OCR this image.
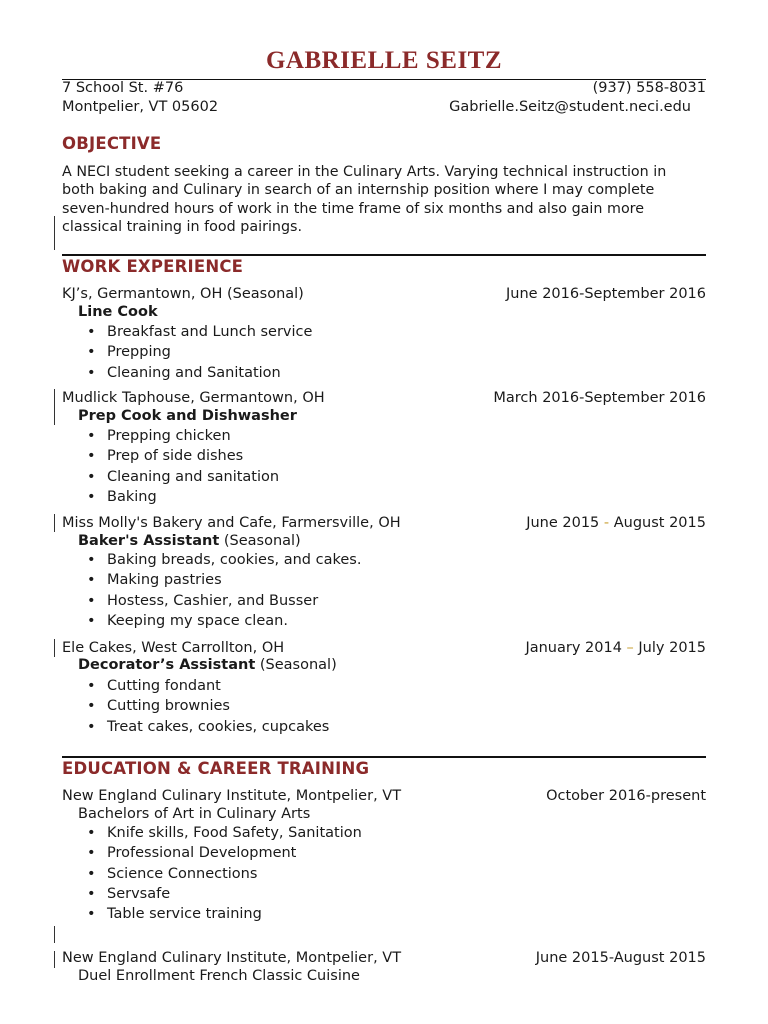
GABRIELLE SEITZ
7 School St. #76
Montpelier, VT 05602
(937) 558-8031
Gabrielle.Seitz@student.neci.edu
OBJECTIVE
A NECI student seeking a career in the Culinary Arts. Varying technical instruction in
both baking and Culinary in search of an internship position where I may complete
seven-hundred hours of work in the time frame of six months and also gain more
classical training in food pairings.
WORK EXPERIENCE
KJ’s, Germantown, OH (Seasonal)	June 2016-September 2016
Line Cook
• Breakfast and Lunch service
• Prepping
• Cleaning and Sanitation
Mudlick Taphouse, Germantown, OH	March 2016-September 2016
Prep Cook and Dishwasher
• Prepping chicken
• Prep of side dishes
• Cleaning and sanitation
• Baking
Miss Molly's Bakery and Cafe, Farmersville, OH	June 2015 - August 2015
Baker's Assistant (Seasonal)
• Baking breads, cookies, and cakes.
• Making pastries
• Hostess, Cashier, and Busser
• Keeping my space clean.
Ele Cakes, West Carrollton, OH	January 2014 – July 2015
Decorator’s Assistant (Seasonal)
• Cutting fondant
• Cutting brownies
• Treat cakes, cookies, cupcakes
EDUCATION & CAREER TRAINING
New England Culinary Institute, Montpelier, VT	October 2016-present
Bachelors of Art in Culinary Arts
• Knife skills, Food Safety, Sanitation
• Professional Development
• Science Connections
• Servsafe
• Table service training
New England Culinary Institute, Montpelier, VT	June 2015-August 2015
Duel Enrollment French Classic Cuisine
